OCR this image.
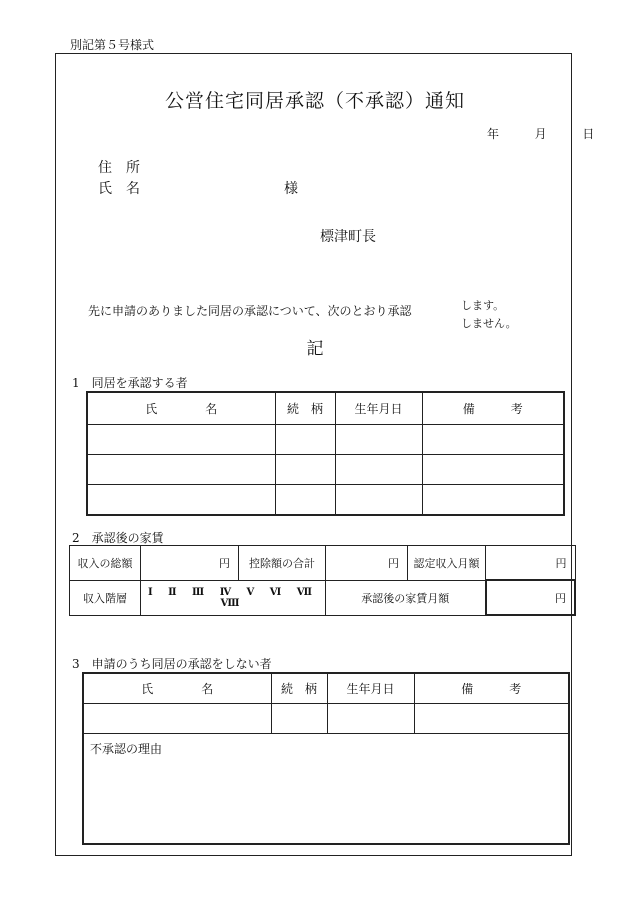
別記第５号様式
公営住宅同居承認（不承認）通知
年	月	日
住　所
氏　名	様
標津町長
先に申請のありました同居の承認について、次のとおり承認	します。
しません。
記
1　同居を承認する者
氏　　　　名	続　柄	生年月日	備　　　考

2　承認後の家賃
収入の総額	円	控除額の合計	円	認定収入月額	円
収入階層	Ⅰ Ⅱ Ⅲ Ⅳ Ⅴ Ⅵ Ⅶ Ⅷ		承認後の家賃月額		円
3　申請のうち同居の承認をしない者
氏　　　　名	続　柄	生年月日	備　　　考

不承認の理由			
